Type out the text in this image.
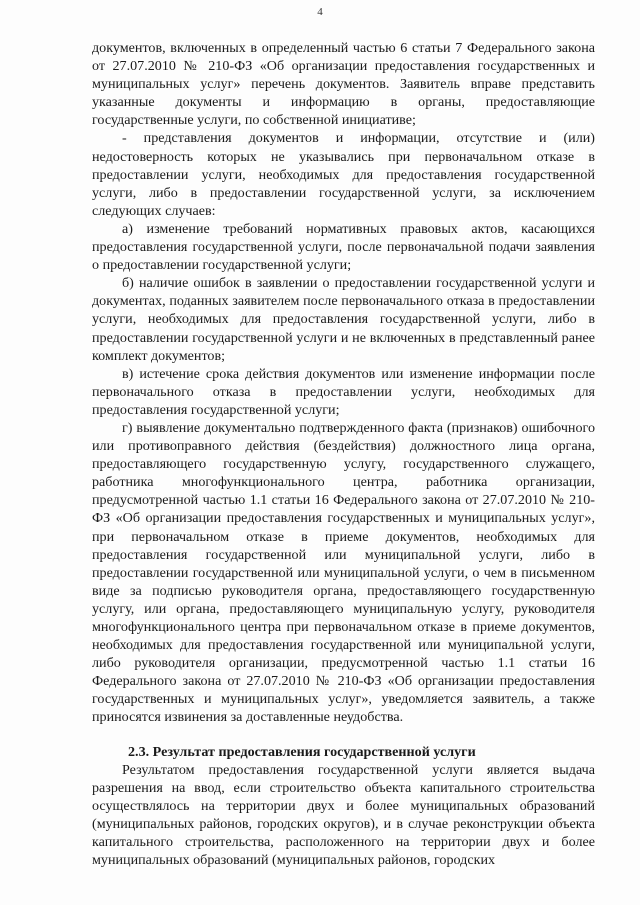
4

документов, включенных в определенный частью 6 статьи 7 Федерального закона от 27.07.2010 № 210-ФЗ «Об организации предоставления государственных и муниципальных услуг» перечень документов. Заявитель вправе представить указанные документы и информацию в органы, предоставляющие государственные услуги, по собственной инициативе;

- представления документов и информации, отсутствие и (или) недостоверность которых не указывались при первоначальном отказе в предоставлении услуги, необходимых для предоставления государственной услуги, либо в предоставлении государственной услуги, за исключением следующих случаев:

а) изменение требований нормативных правовых актов, касающихся предоставления государственной услуги, после первоначальной подачи заявления о предоставлении государственной услуги;

б) наличие ошибок в заявлении о предоставлении государственной услуги и документах, поданных заявителем после первоначального отказа в предоставлении услуги, необходимых для предоставления государственной услуги, либо в предоставлении государственной услуги и не включенных в представленный ранее комплект документов;

в) истечение срока действия документов или изменение информации после первоначального отказа в предоставлении услуги, необходимых для предоставления государственной услуги;

г) выявление документально подтвержденного факта (признаков) ошибочного или противоправного действия (бездействия) должностного лица органа, предоставляющего государственную услугу, государственного служащего, работника многофункционального центра, работника организации, предусмотренной частью 1.1 статьи 16 Федерального закона от 27.07.2010 № 210-ФЗ «Об организации предоставления государственных и муниципальных услуг», при первоначальном отказе в приеме документов, необходимых для предоставления государственной или муниципальной услуги, либо в предоставлении государственной или муниципальной услуги, о чем в письменном виде за подписью руководителя органа, предоставляющего государственную услугу, или органа, предоставляющего муниципальную услугу, руководителя многофункционального центра при первоначальном отказе в приеме документов, необходимых для предоставления государственной или муниципальной услуги, либо руководителя организации, предусмотренной частью 1.1 статьи 16 Федерального закона от 27.07.2010 № 210-ФЗ «Об организации предоставления государственных и муниципальных услуг», уведомляется заявитель, а также приносятся извинения за доставленные неудобства.

2.3. Результат предоставления государственной услуги

Результатом предоставления государственной услуги является выдача разрешения на ввод, если строительство объекта капитального строительства осуществлялось на территории двух и более муниципальных образований (муниципальных районов, городских округов), и в случае реконструкции объекта капитального строительства, расположенного на территории двух и более муниципальных образований (муниципальных районов, городских
